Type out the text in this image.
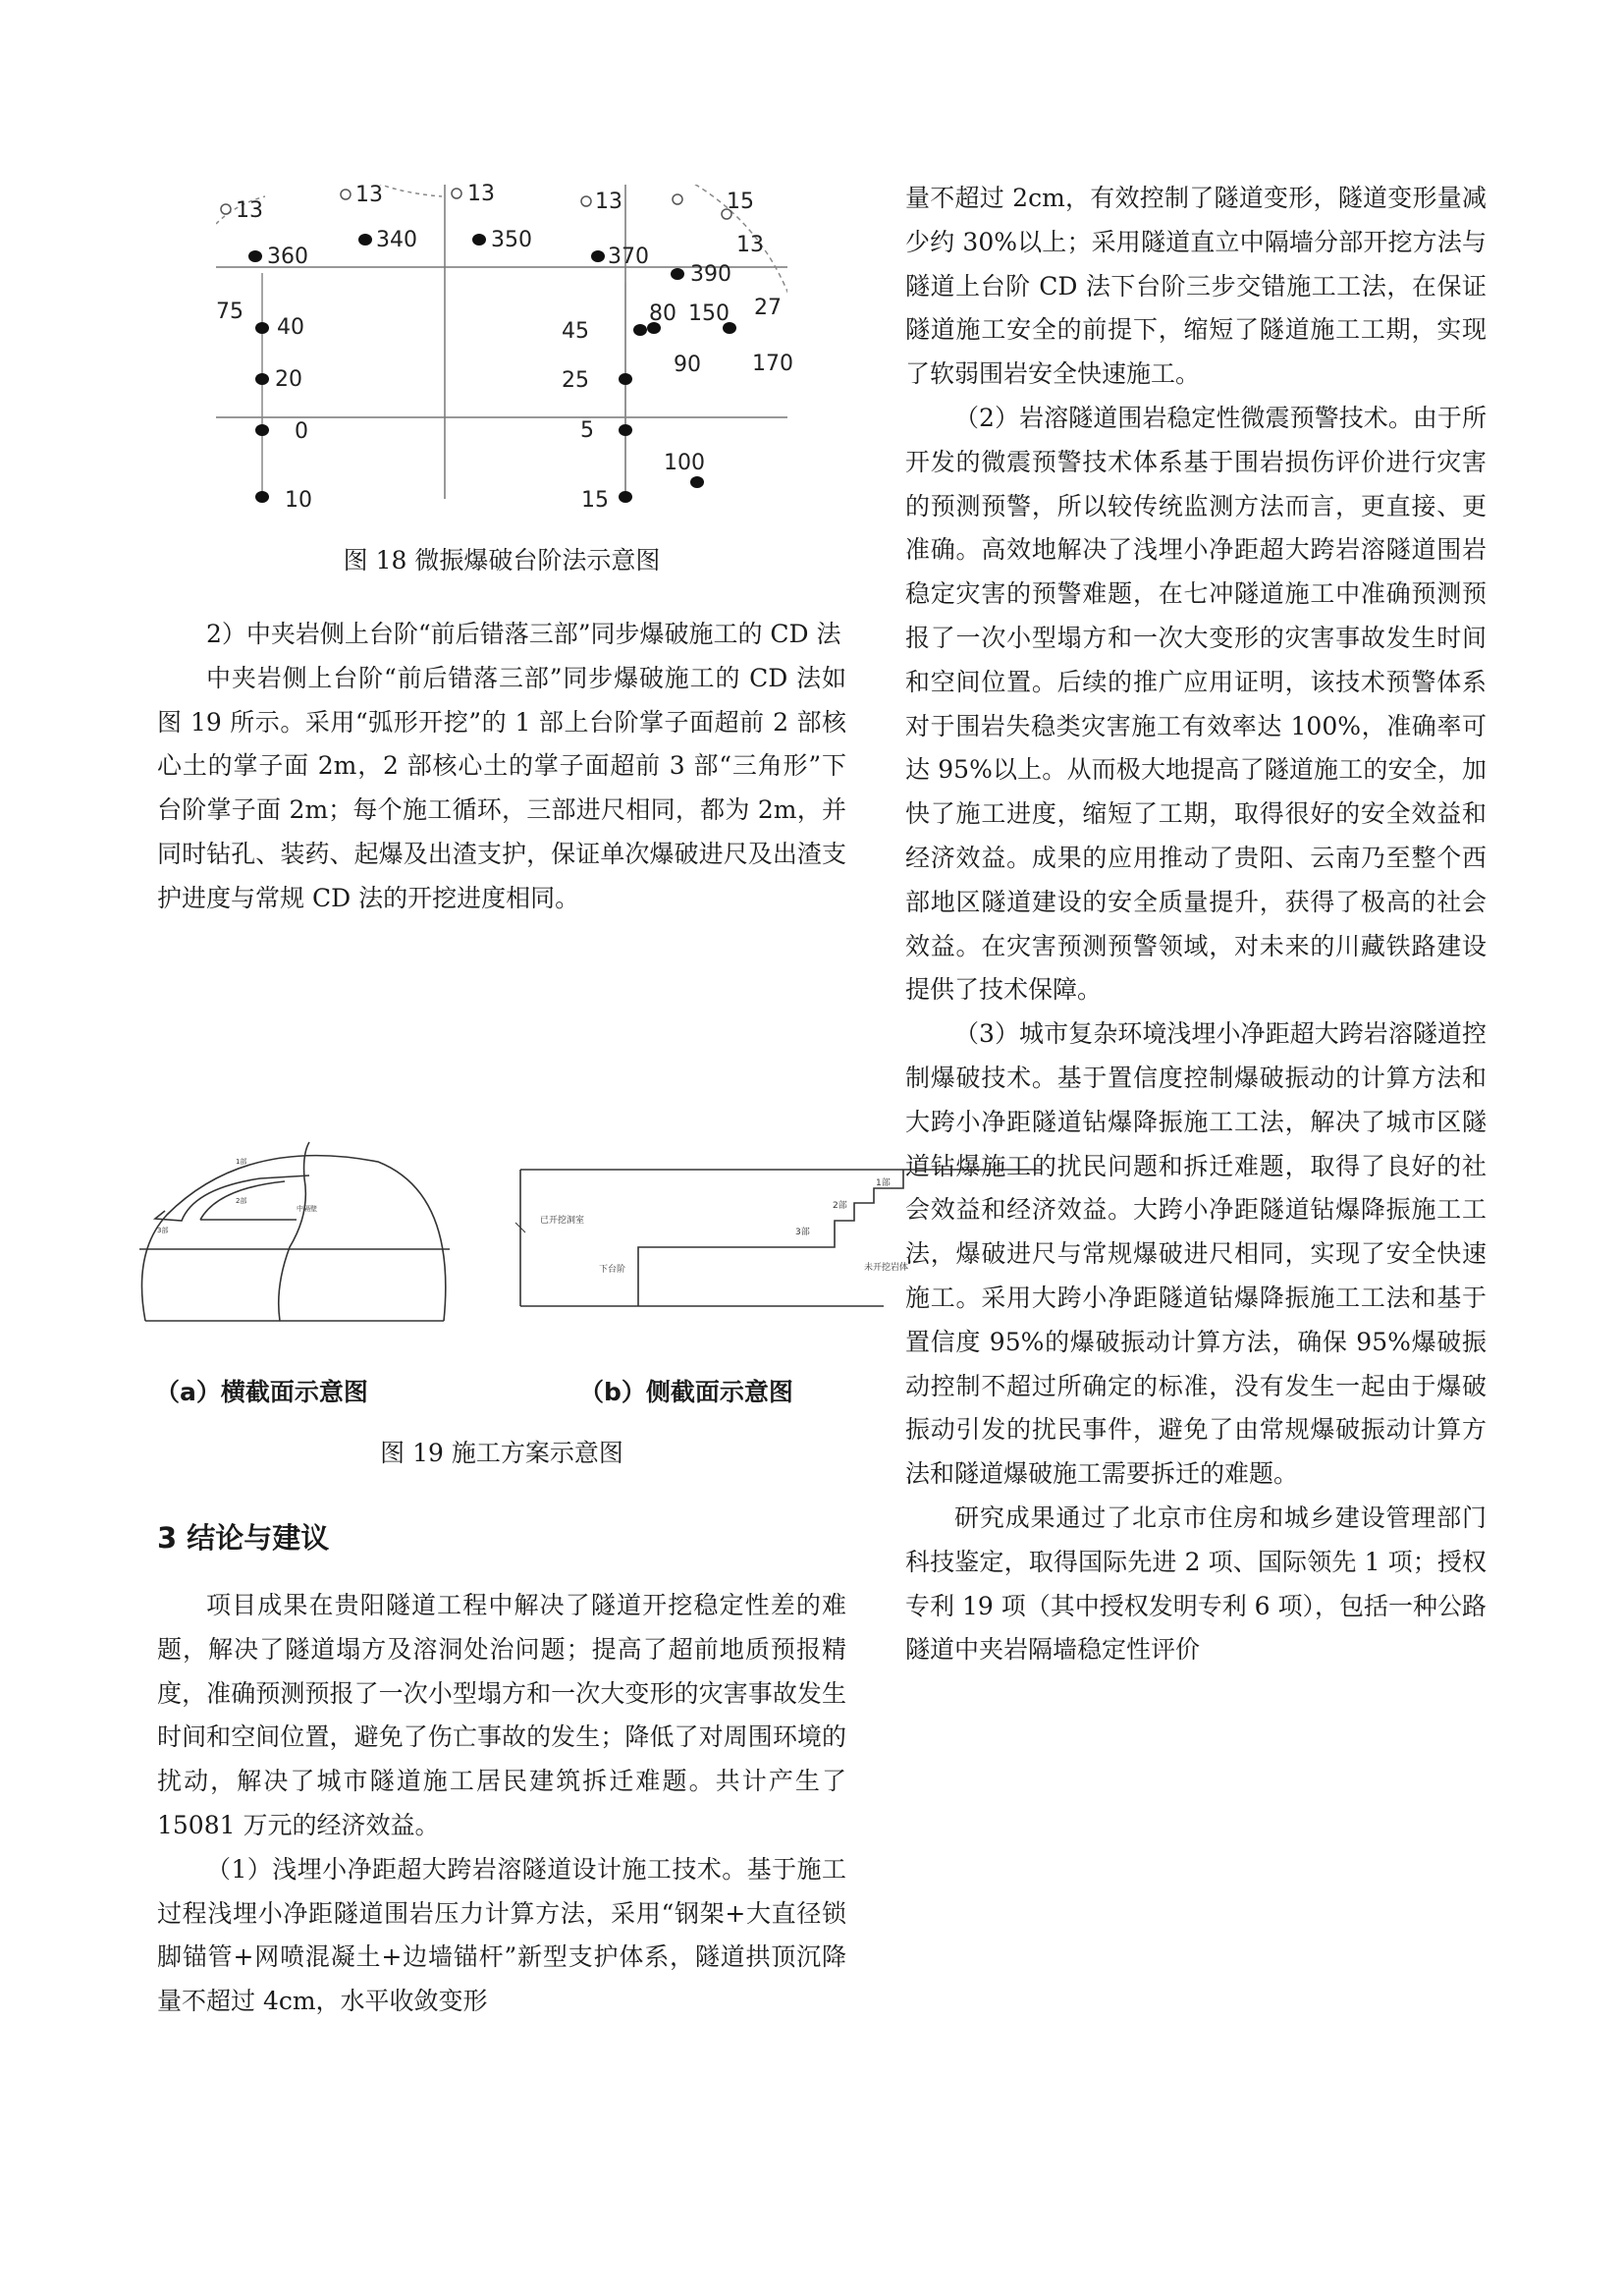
13
13	13	13	15
13
360
340	350
370
390
75
40	45
80 150 27
20	25
90 170
0	5
100
10	15
图 18 微振爆破台阶法示意图

2）中夹岩侧上台阶“前后错落三部”同步爆破施工的 CD 法

中夹岩侧上台阶“前后错落三部”同步爆破施工的 CD 法如图 19 所示。采用“弧形开挖”的 1 部上台阶掌子面超前 2 部核心土的掌子面 2m，2 部核心土的掌子面超前 3 部“三角形”下台阶掌子面 2m；每个施工循环，三部进尺相同，都为 2m，并同时钻孔、装药、起爆及出渣支护，保证单次爆破进尺及出渣支护进度与常规 CD 法的开挖进度相同。

1部
2部
3部
中隔壁
已开挖洞室
1部
2部
3部
下台阶	未开挖岩体
（a）横截面示意图	（b）侧截面示意图
图 19 施工方案示意图
3 结论与建议

项目成果在贵阳隧道工程中解决了隧道开挖稳定性差的难题，解决了隧道塌方及溶洞处治问题；提高了超前地质预报精度，准确预测预报了一次小型塌方和一次大变形的灾害事故发生时间和空间位置，避免了伤亡事故的发生；降低了对周围环境的扰动，解决了城市隧道施工居民建筑拆迁难题。共计产生了 15081 万元的经济效益。

（1）浅埋小净距超大跨岩溶隧道设计施工技术。基于施工过程浅埋小净距隧道围岩压力计算方法，采用“钢架+大直径锁脚锚管+网喷混凝土+边墙锚杆”新型支护体系，隧道拱顶沉降量不超过 4cm，水平收敛变形

量不超过 2cm，有效控制了隧道变形，隧道变形量减少约 30%以上；采用隧道直立中隔墙分部开挖方法与隧道上台阶 CD 法下台阶三步交错施工工法，在保证隧道施工安全的前提下，缩短了隧道施工工期，实现了软弱围岩安全快速施工。

（2）岩溶隧道围岩稳定性微震预警技术。由于所开发的微震预警技术体系基于围岩损伤评价进行灾害的预测预警，所以较传统监测方法而言，更直接、更准确。高效地解决了浅埋小净距超大跨岩溶隧道围岩稳定灾害的预警难题，在七冲隧道施工中准确预测预报了一次小型塌方和一次大变形的灾害事故发生时间和空间位置。后续的推广应用证明，该技术预警体系对于围岩失稳类灾害施工有效率达 100%，准确率可达 95%以上。从而极大地提高了隧道施工的安全，加快了施工进度，缩短了工期，取得很好的安全效益和经济效益。成果的应用推动了贵阳、云南乃至整个西部地区隧道建设的安全质量提升，获得了极高的社会效益。在灾害预测预警领域，对未来的川藏铁路建设提供了技术保障。

（3）城市复杂环境浅埋小净距超大跨岩溶隧道控制爆破技术。基于置信度控制爆破振动的计算方法和大跨小净距隧道钻爆降振施工工法，解决了城市区隧道钻爆施工的扰民问题和拆迁难题，取得了良好的社会效益和经济效益。大跨小净距隧道钻爆降振施工工法，爆破进尺与常规爆破进尺相同，实现了安全快速施工。采用大跨小净距隧道钻爆降振施工工法和基于置信度 95%的爆破振动计算方法，确保 95%爆破振动控制不超过所确定的标准，没有发生一起由于爆破振动引发的扰民事件，避免了由常规爆破振动计算方法和隧道爆破施工需要拆迁的难题。

研究成果通过了北京市住房和城乡建设管理部门科技鉴定，取得国际先进 2 项、国际领先 1 项；授权专利 19 项（其中授权发明专利 6 项），包括一种公路隧道中夹岩隔墙稳定性评价
